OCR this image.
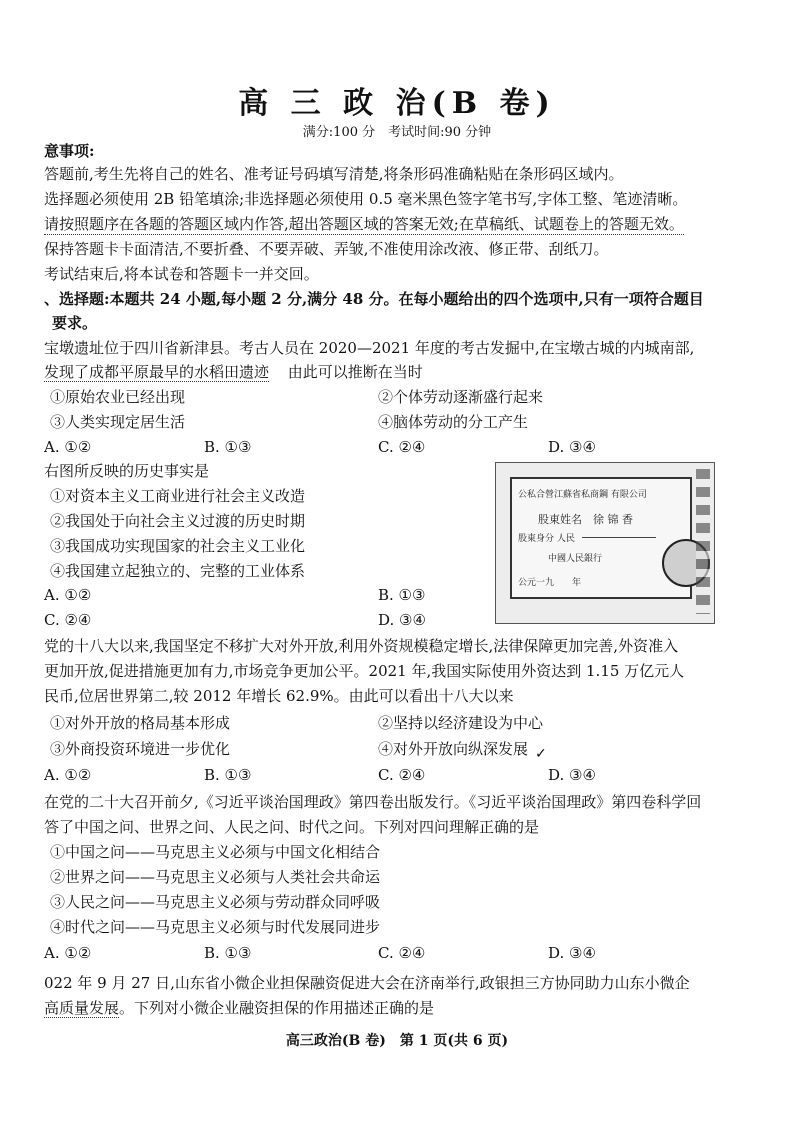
高 三 政 治(B 卷)
满分:100 分　考试时间:90 分钟
意事项:
答题前,考生先将自己的姓名、准考证号码填写清楚,将条形码准确粘贴在条形码区域内。
选择题必须使用 2B 铅笔填涂;非选择题必须使用 0.5 毫米黑色签字笔书写,字体工整、笔迹清晰。
请按照题序在各题的答题区域内作答,超出答题区域的答案无效;在草稿纸、试题卷上的答题无效。
保持答题卡卡面清洁,不要折叠、不要弄破、弄皱,不准使用涂改液、修正带、刮纸刀。
考试结束后,将本试卷和答题卡一并交回。
、选择题:本题共 24 小题,每小题 2 分,满分 48 分。在每小题给出的四个选项中,只有一项符合题目
要求。
宝墩遗址位于四川省新津县。考古人员在 2020—2021 年度的考古发掘中,在宝墩古城的内城南部,
发现了成都平原最早的水稻田遗迹 由此可以推断在当时
①原始农业已经出现	②个体劳动逐渐盛行起来
③人类实现定居生活	④脑体劳动的分工产生
A. ①②	B. ①③	C. ②④	D. ③④
右图所反映的历史事实是
①对资本主义工商业进行社会主义改造
②我国处于向社会主义过渡的历史时期
③我国成功实现国家的社会主义工业化
④我国建立起独立的、完整的工业体系
A. ①②	B. ①③
C. ②④	D. ③④
公私合營江蘇省私商鋼 有限公司
股東姓名　徐 锦 香
股東身分 人民
中國人民銀行
公元一九　　年
党的十八大以来,我国坚定不移扩大对外开放,利用外资规模稳定增长,法律保障更加完善,外资准入
更加开放,促进措施更加有力,市场竞争更加公平。2021 年,我国实际使用外资达到 1.15 万亿元人
民币,位居世界第二,较 2012 年增长 62.9%。由此可以看出十八大以来
①对外开放的格局基本形成	②坚持以经济建设为中心
③外商投资环境进一步优化	④对外开放向纵深发展 ✓
A. ①②	B. ①③	C. ②④	D. ③④
在党的二十大召开前夕,《习近平谈治国理政》第四卷出版发行。《习近平谈治国理政》第四卷科学回
答了中国之问、世界之问、人民之问、时代之问。下列对四问理解正确的是
①中国之问——马克思主义必须与中国文化相结合
②世界之问——马克思主义必须与人类社会共命运
③人民之问——马克思主义必须与劳动群众同呼吸
④时代之问——马克思主义必须与时代发展同进步
A. ①②	B. ①③	C. ②④	D. ③④
022 年 9 月 27 日,山东省小微企业担保融资促进大会在济南举行,政银担三方协同助力山东小微企
高质量发展。下列对小微企业融资担保的作用描述正确的是
高三政治(B 卷)　第 1 页(共 6 页)
